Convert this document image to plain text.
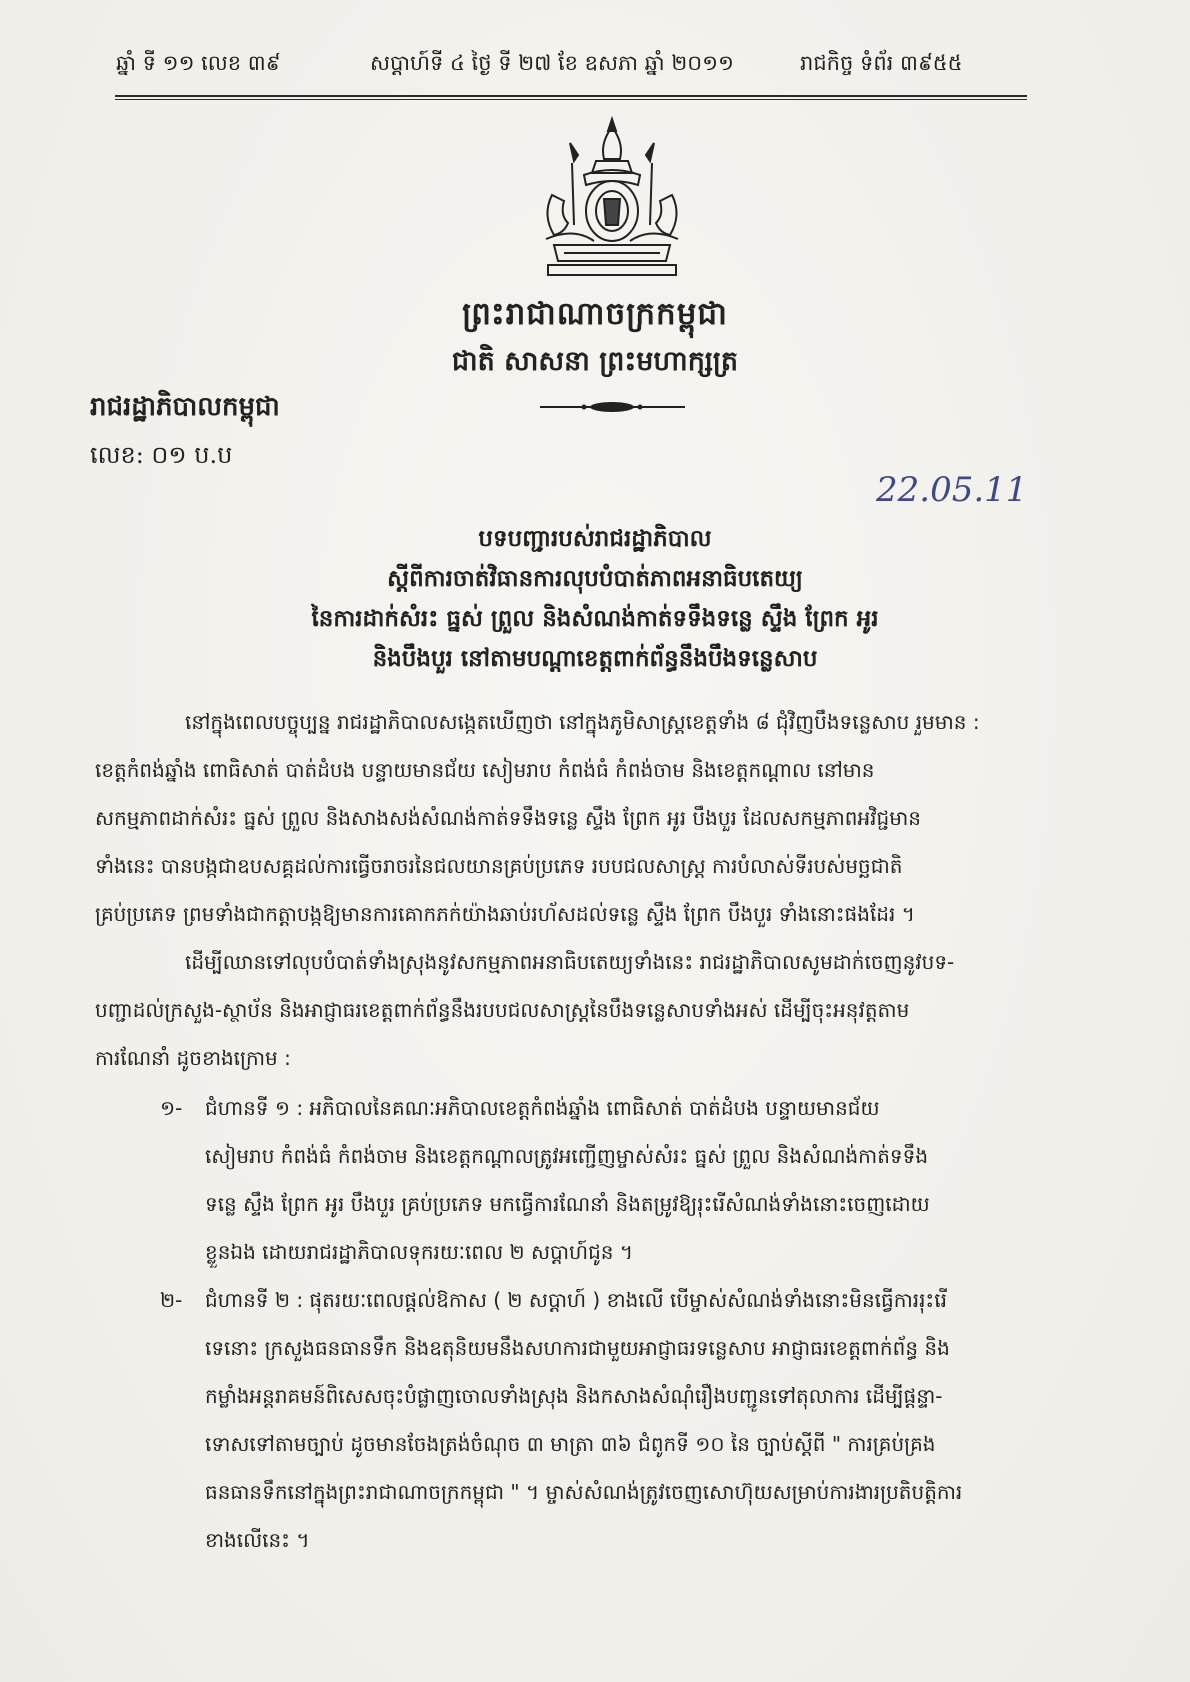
ឆ្នាំ ទី ១១ លេខ ៣៩	សប្តាហ៍ទី ៤ ថ្ងៃ ទី ២៧ ខែ ឧសភា ឆ្នាំ ២០១១	រាជកិច្ច ទំព័រ ៣៩៥៥
ព្រះរាជាណាចក្រកម្ពុជា
ជាតិ សាសនា ព្រះមហាក្សត្រ
រាជរដ្ឋាភិបាលកម្ពុជា
លេខ: ០១ ប.ប
22.05.11
បទបញ្ជារបស់រាជរដ្ឋាភិបាល
ស្តីពីការចាត់វិធានការលុបបំបាត់ភាពអនាធិបតេយ្យ
នៃការដាក់សំរះ ធ្នស់ ព្រួល និងសំណង់កាត់ទទឹងទន្លេ ស្ទឹង ព្រែក អូរ
និងបឹងបួរ នៅតាមបណ្តាខេត្តពាក់ព័ន្ធនឹងបឹងទន្លេសាប
នៅក្នុងពេលបច្ចុប្បន្ន រាជរដ្ឋាភិបាលសង្កេតឃើញថា នៅក្នុងភូមិសាស្ត្រខេត្តទាំង ៨ ជុំវិញបឹងទន្លេសាប រួមមាន :
ខេត្តកំពង់ឆ្នាំង ពោធិសាត់ បាត់ដំបង បន្ទាយមានជ័យ សៀមរាប កំពង់ធំ កំពង់ចាម និងខេត្តកណ្តាល នៅមាន
សកម្មភាពដាក់សំរះ ធ្នស់ ព្រួល និងសាងសង់សំណង់កាត់ទទឹងទន្លេ ស្ទឹង ព្រែក អូរ បឹងបួរ ដែលសកម្មភាពអវិជ្ជមាន
ទាំងនេះ បានបង្កជាឧបសគ្គដល់ការធ្វើចរាចរនៃជលយានគ្រប់ប្រភេទ របបជលសាស្ត្រ ការបំលាស់ទីរបស់មច្ឆជាតិ
គ្រប់ប្រភេទ ព្រមទាំងជាកត្តាបង្កឱ្យមានការគោកភក់យ៉ាងឆាប់រហ័សដល់ទន្លេ ស្ទឹង ព្រែក បឹងបួរ ទាំងនោះផងដែរ ។
ដើម្បីឈានទៅលុបបំបាត់ទាំងស្រុងនូវសកម្មភាពអនាធិបតេយ្យទាំងនេះ រាជរដ្ឋាភិបាលសូមដាក់ចេញនូវបទ-
បញ្ជាដល់ក្រសួង-ស្ថាប័ន និងអាជ្ញាធរខេត្តពាក់ព័ន្ធនឹងរបបជលសាស្ត្រនៃបឹងទន្លេសាបទាំងអស់ ដើម្បីចុះអនុវត្តតាម
ការណែនាំ ដូចខាងក្រោម :
១- ជំហានទី ១ : អភិបាលនៃគណៈអភិបាលខេត្តកំពង់ឆ្នាំង ពោធិសាត់ បាត់ដំបង បន្ទាយមានជ័យ
សៀមរាប កំពង់ធំ កំពង់ចាម និងខេត្តកណ្តាលត្រូវអញ្ជើញម្ចាស់សំរះ ធ្នស់ ព្រួល និងសំណង់កាត់ទទឹង
ទន្លេ ស្ទឹង ព្រែក អូរ បឹងបួរ គ្រប់ប្រភេទ មកធ្វើការណែនាំ និងតម្រូវឱ្យរុះរើសំណង់ទាំងនោះចេញដោយ
ខ្លួនឯង ដោយរាជរដ្ឋាភិបាលទុករយៈពេល ២ សប្តាហ៍ជូន ។
២- ជំហានទី ២ : ផុតរយៈពេលផ្តល់ឱកាស ( ២ សប្តាហ៍ ) ខាងលើ បើម្ចាស់សំណង់ទាំងនោះមិនធ្វើការរុះរើ
ទេនោះ ក្រសួងធនធានទឹក និងឧតុនិយមនឹងសហការជាមួយអាជ្ញាធរទន្លេសាប អាជ្ញាធរខេត្តពាក់ព័ន្ធ និង
កម្លាំងអន្តរាគមន៍ពិសេសចុះបំផ្លាញចោលទាំងស្រុង និងកសាងសំណុំរឿងបញ្ជូនទៅតុលាការ ដើម្បីផ្តន្ទា-
ទោសទៅតាមច្បាប់ ដូចមានចែងត្រង់ចំណុច ៣ មាត្រា ៣៦ ជំពូកទី ១០ នៃ ច្បាប់ស្តីពី " ការគ្រប់គ្រង
ធនធានទឹកនៅក្នុងព្រះរាជាណាចក្រកម្ពុជា " ។ ម្ចាស់សំណង់ត្រូវចេញសោហ៊ុយសម្រាប់ការងារប្រតិបត្តិការ
ខាងលើនេះ ។
